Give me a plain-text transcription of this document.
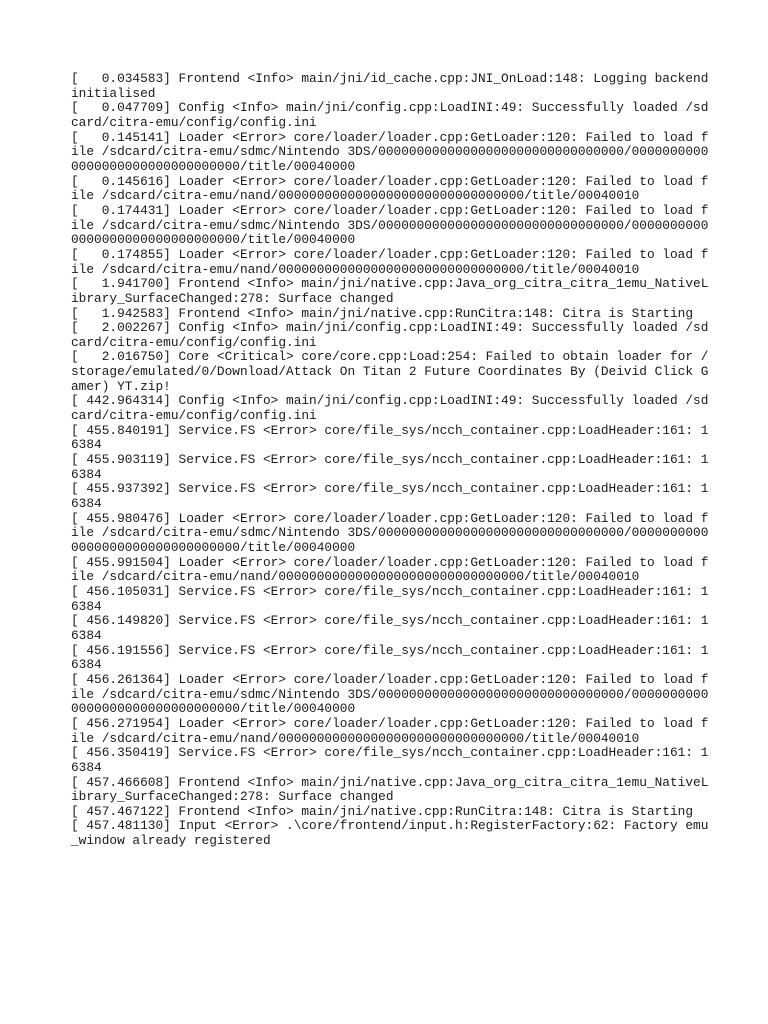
[   0.034583] Frontend <Info> main/jni/id_cache.cpp:JNI_OnLoad:148: Logging backend initialised
[   0.047709] Config <Info> main/jni/config.cpp:LoadINI:49: Successfully loaded /sdcard/citra-emu/config/config.ini
[   0.145141] Loader <Error> core/loader/loader.cpp:GetLoader:120: Failed to load file /sdcard/citra-emu/sdmc/Nintendo 3DS/00000000000000000000000000000000/00000000000000000000000000000000/title/00040000
[   0.145616] Loader <Error> core/loader/loader.cpp:GetLoader:120: Failed to load file /sdcard/citra-emu/nand/00000000000000000000000000000000/title/00040010
[   0.174431] Loader <Error> core/loader/loader.cpp:GetLoader:120: Failed to load file /sdcard/citra-emu/sdmc/Nintendo 3DS/00000000000000000000000000000000/00000000000000000000000000000000/title/00040000
[   0.174855] Loader <Error> core/loader/loader.cpp:GetLoader:120: Failed to load file /sdcard/citra-emu/nand/00000000000000000000000000000000/title/00040010
[   1.941700] Frontend <Info> main/jni/native.cpp:Java_org_citra_citra_1emu_NativeLibrary_SurfaceChanged:278: Surface changed
[   1.942583] Frontend <Info> main/jni/native.cpp:RunCitra:148: Citra is Starting
[   2.002267] Config <Info> main/jni/config.cpp:LoadINI:49: Successfully loaded /sdcard/citra-emu/config/config.ini
[   2.016750] Core <Critical> core/core.cpp:Load:254: Failed to obtain loader for /storage/emulated/0/Download/Attack On Titan 2 Future Coordinates By (Deivid Click Gamer) YT.zip!
[ 442.964314] Config <Info> main/jni/config.cpp:LoadINI:49: Successfully loaded /sdcard/citra-emu/config/config.ini
[ 455.840191] Service.FS <Error> core/file_sys/ncch_container.cpp:LoadHeader:161: 16384
[ 455.903119] Service.FS <Error> core/file_sys/ncch_container.cpp:LoadHeader:161: 16384
[ 455.937392] Service.FS <Error> core/file_sys/ncch_container.cpp:LoadHeader:161: 16384
[ 455.980476] Loader <Error> core/loader/loader.cpp:GetLoader:120: Failed to load file /sdcard/citra-emu/sdmc/Nintendo 3DS/00000000000000000000000000000000/00000000000000000000000000000000/title/00040000
[ 455.991504] Loader <Error> core/loader/loader.cpp:GetLoader:120: Failed to load file /sdcard/citra-emu/nand/00000000000000000000000000000000/title/00040010
[ 456.105031] Service.FS <Error> core/file_sys/ncch_container.cpp:LoadHeader:161: 16384
[ 456.149820] Service.FS <Error> core/file_sys/ncch_container.cpp:LoadHeader:161: 16384
[ 456.191556] Service.FS <Error> core/file_sys/ncch_container.cpp:LoadHeader:161: 16384
[ 456.261364] Loader <Error> core/loader/loader.cpp:GetLoader:120: Failed to load file /sdcard/citra-emu/sdmc/Nintendo 3DS/00000000000000000000000000000000/00000000000000000000000000000000/title/00040000
[ 456.271954] Loader <Error> core/loader/loader.cpp:GetLoader:120: Failed to load file /sdcard/citra-emu/nand/00000000000000000000000000000000/title/00040010
[ 456.350419] Service.FS <Error> core/file_sys/ncch_container.cpp:LoadHeader:161: 16384
[ 457.466608] Frontend <Info> main/jni/native.cpp:Java_org_citra_citra_1emu_NativeLibrary_SurfaceChanged:278: Surface changed
[ 457.467122] Frontend <Info> main/jni/native.cpp:RunCitra:148: Citra is Starting
[ 457.481130] Input <Error> .\core/frontend/input.h:RegisterFactory:62: Factory emu_window already registered
